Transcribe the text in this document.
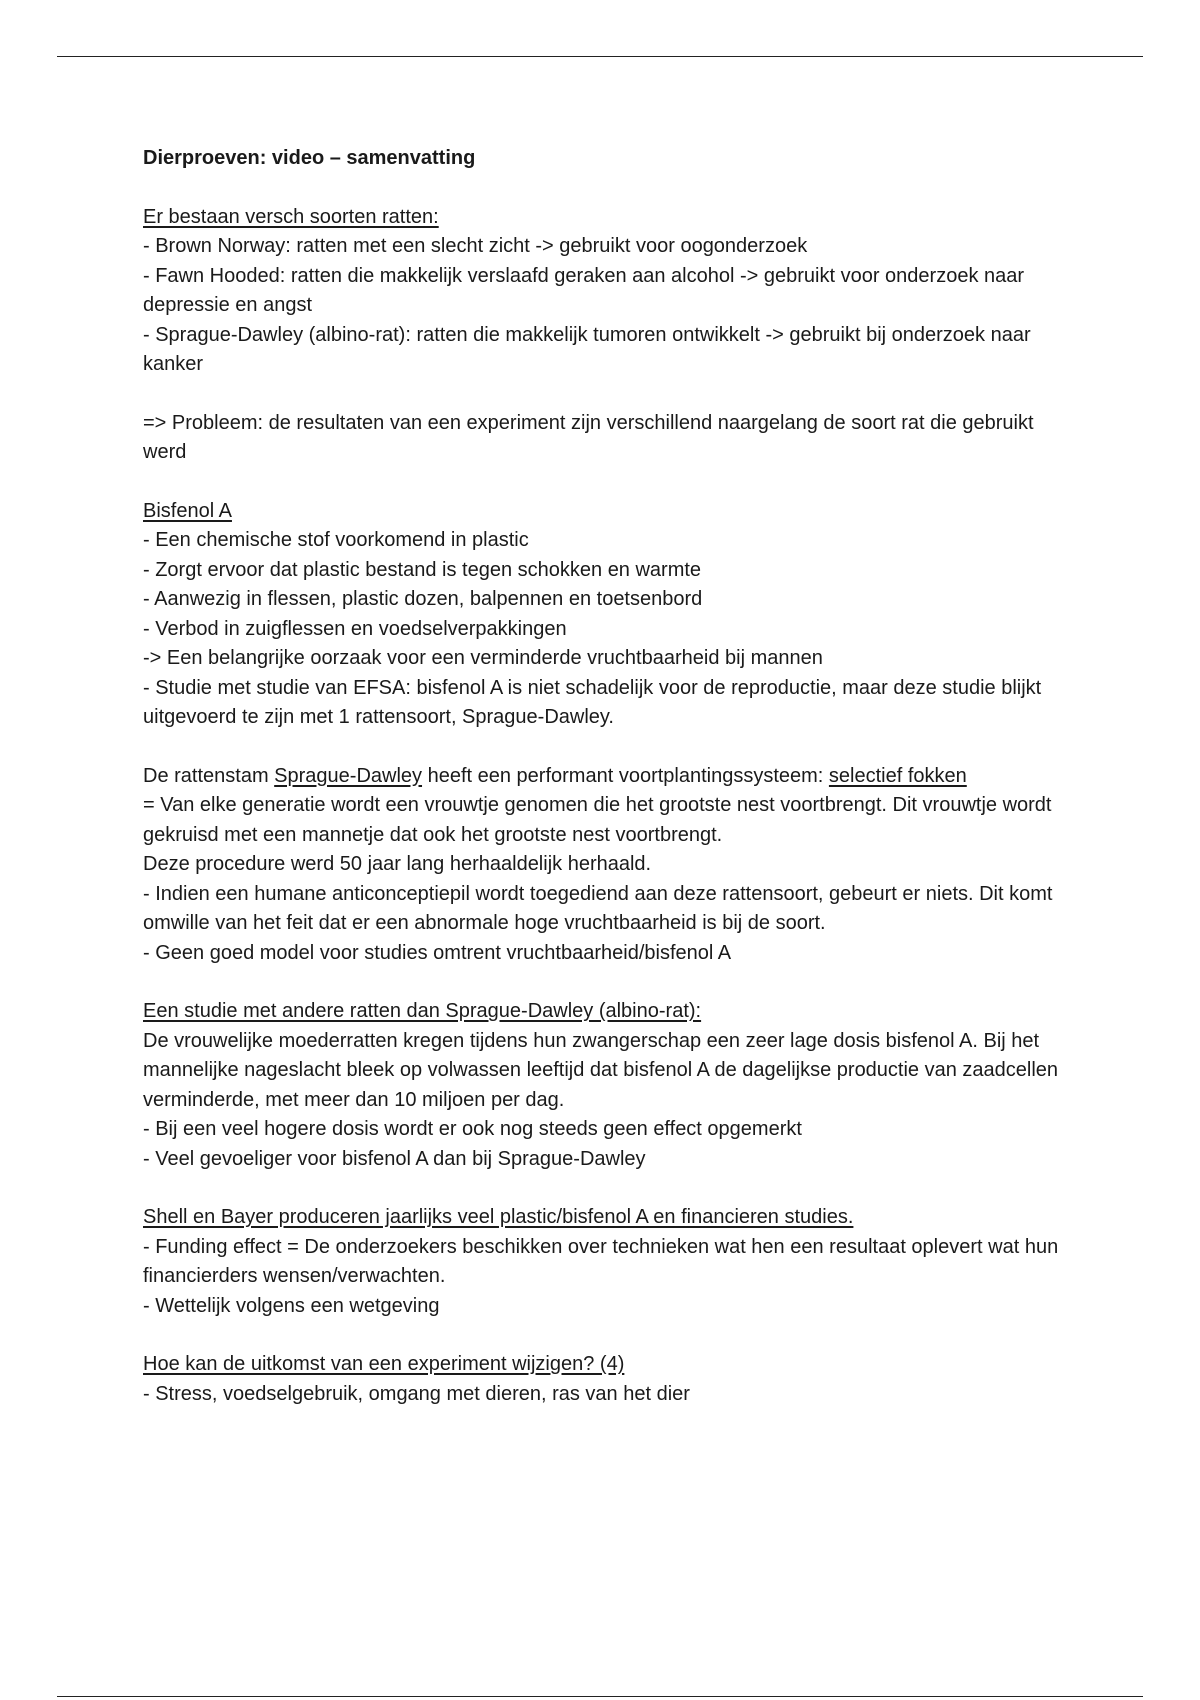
Dierproeven: video – samenvatting

Er bestaan versch soorten ratten:

- Brown Norway: ratten met een slecht zicht -> gebruikt voor oogonderzoek

- Fawn Hooded: ratten die makkelijk verslaafd geraken aan alcohol -> gebruikt voor onderzoek naar depressie en angst

- Sprague-Dawley (albino-rat): ratten die makkelijk tumoren ontwikkelt -> gebruikt bij onderzoek naar kanker

=> Probleem: de resultaten van een experiment zijn verschillend naargelang de soort rat die gebruikt werd

Bisfenol A

- Een chemische stof voorkomend in plastic

- Zorgt ervoor dat plastic bestand is tegen schokken en warmte

- Aanwezig in flessen, plastic dozen, balpennen en toetsenbord

- Verbod in zuigflessen en voedselverpakkingen

-> Een belangrijke oorzaak voor een verminderde vruchtbaarheid bij mannen

- Studie met studie van EFSA: bisfenol A is niet schadelijk voor de reproductie, maar deze studie blijkt uitgevoerd te zijn met 1 rattensoort, Sprague-Dawley.

De rattenstam Sprague-Dawley heeft een performant voortplantingssysteem: selectief fokken

= Van elke generatie wordt een vrouwtje genomen die het grootste nest voortbrengt. Dit vrouwtje wordt gekruisd met een mannetje dat ook het grootste nest voortbrengt.

Deze procedure werd 50 jaar lang herhaaldelijk herhaald.

- Indien een humane anticonceptiepil wordt toegediend aan deze rattensoort, gebeurt er niets. Dit komt omwille van het feit dat er een abnormale hoge vruchtbaarheid is bij de soort.

- Geen goed model voor studies omtrent vruchtbaarheid/bisfenol A

Een studie met andere ratten dan Sprague-Dawley (albino-rat):

De vrouwelijke moederratten kregen tijdens hun zwangerschap een zeer lage dosis bisfenol A. Bij het mannelijke nageslacht bleek op volwassen leeftijd dat bisfenol A de dagelijkse productie van zaadcellen verminderde, met meer dan 10 miljoen per dag.

- Bij een veel hogere dosis wordt er ook nog steeds geen effect opgemerkt

- Veel gevoeliger voor bisfenol A dan bij Sprague-Dawley

Shell en Bayer produceren jaarlijks veel plastic/bisfenol A en financieren studies.

- Funding effect = De onderzoekers beschikken over technieken wat hen een resultaat oplevert wat hun financierders wensen/verwachten.

- Wettelijk volgens een wetgeving

Hoe kan de uitkomst van een experiment wijzigen? (4)

- Stress, voedselgebruik, omgang met dieren, ras van het dier
